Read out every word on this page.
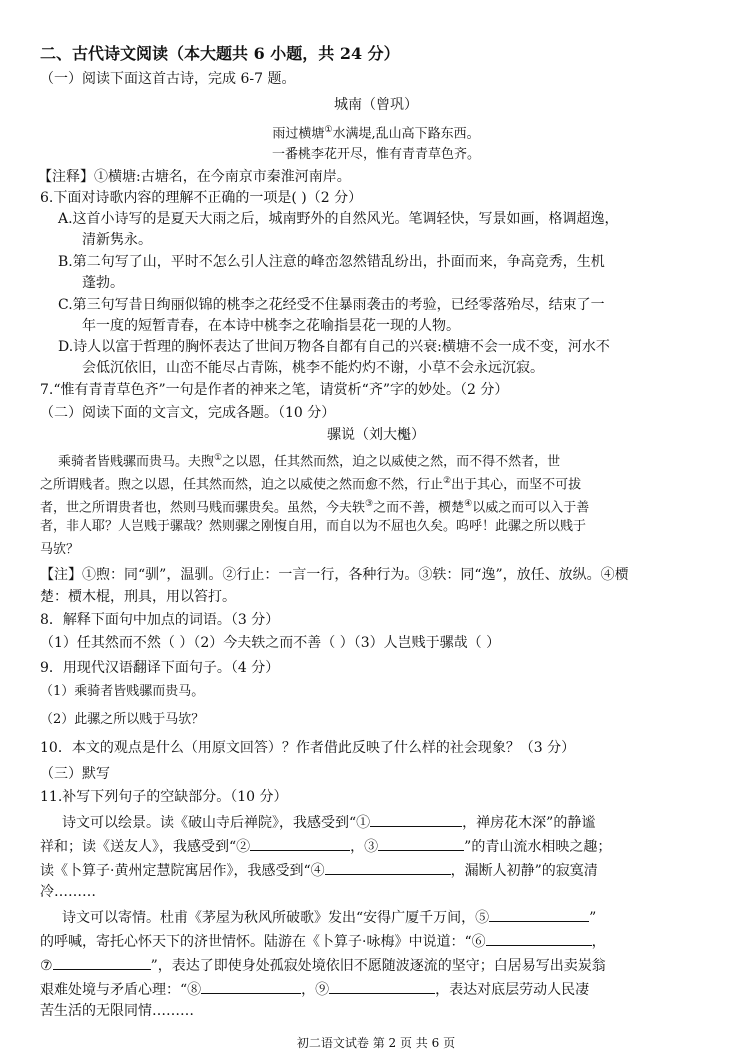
二、古代诗文阅读（本大题共 6 小题，共 24 分）
（一）阅读下面这首古诗，完成 6-7 题。
城南（曾巩）
雨过横塘①水满堤,乱山高下路东西。
一番桃李花开尽，惟有青青草色齐。
【注释】①横塘:古塘名，在今南京市秦淮河南岸。
6.下面对诗歌内容的理解不正确的一项是( )（2 分）
A.这首小诗写的是夏天大雨之后，城南野外的自然风光。笔调轻快，写景如画，格调超逸，
清新隽永。
B.第二句写了山，平时不怎么引人注意的峰峦忽然错乱纷出，扑面而来，争高竞秀，生机
蓬勃。
C.第三句写昔日绚丽似锦的桃李之花经受不住暴雨袭击的考验，已经零落殆尽，结束了一
年一度的短暂青春，在本诗中桃李之花喻指昙花一现的人物。
D.诗人以富于哲理的胸怀表达了世间万物各自都有自己的兴衰:横塘不会一成不变，河水不
会低沉依旧，山峦不能尽占青陈，桃李不能灼灼不谢，小草不会永远沉寂。
7.“惟有青青草色齐”一句是作者的神来之笔，请赏析“齐”字的妙处。（2 分）
（二）阅读下面的文言文，完成各题。（10 分）
骡说（刘大櫆）
乘骑者皆贱骡而贵马。夫煦①之以恩，任其然而然，迫之以威使之然，而不得不然者，世
之所谓贱者。煦之以恩，任其然而然，迫之以威使之然而愈不然，行止②出于其心，而坚不可拔
者，世之所谓贵者也，然则马贱而骡贵矣。虽然，今夫轶③之而不善，槚楚④以威之而可以入于善
者，非人耶？人岂贱于骡哉？然则骡之刚愎自用，而自以为不屈也久矣。呜呼！此骡之所以贱于
马欤？
【注】①煦：同“驯”，温驯。②行止：一言一行，各种行为。③轶：同“逸”，放任、放纵。④槚
楚：槚木棍，刑具，用以笞打。
8．解释下面句中加点的词语。（3 分）
（1）任其然而不然（ ）（2）今夫轶之而不善（ ）（3）人岂贱于骡哉（ ）
9．用现代汉语翻译下面句子。（4 分）
（1）乘骑者皆贱骡而贵马。
（2）此骡之所以贱于马欤？
10．本文的观点是什么（用原文回答）？作者借此反映了什么样的社会现象？（3 分）
（三）默写
11.补写下列句子的空缺部分。（10 分）
诗文可以绘景。读《破山寺后禅院》，我感受到“①	，禅房花木深”的静谧
祥和；读《送友人》，我感受到“②	，③	”的青山流水相映之趣；
读《卜算子·黄州定慧院寓居作》，我感受到“④	，漏断人初静”的寂寞清
冷………
诗文可以寄情。杜甫《茅屋为秋风所破歌》发出“安得广厦千万间，⑤	”
的呼喊，寄托心怀天下的济世情怀。陆游在《卜算子·咏梅》中说道：“⑥	，
⑦	”，表达了即使身处孤寂处境依旧不愿随波逐流的坚守；白居易写出卖炭翁
艰难处境与矛盾心理：“⑧	，⑨	，表达对底层劳动人民凄
苦生活的无限同情………
初二语文试卷 第 2 页 共 6 页
